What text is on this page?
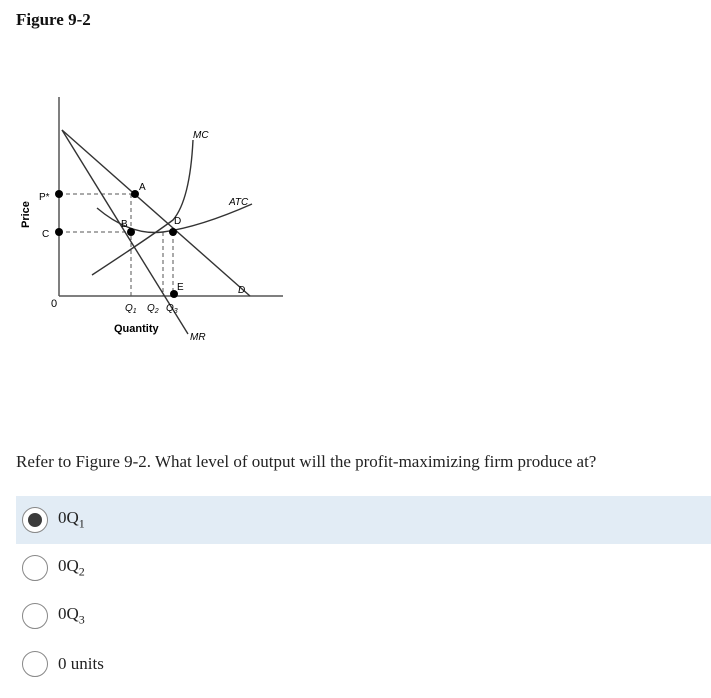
Figure 9-2
Price
0
P*
C
A
B	D
E
MC
ATC
D
MR
$Q_1$ $Q_2$ $Q_3$
Quantity
Refer to Figure 9-2. What level of output will the profit-maximizing firm produce at?
$0Q_1$
$0Q_2$
$0Q_3$
0 units
